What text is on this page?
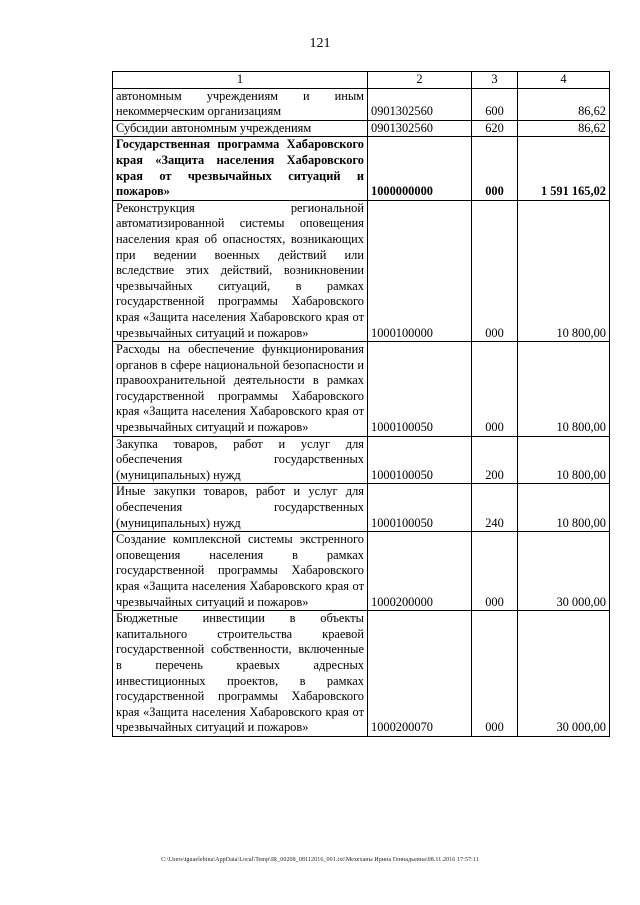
121
1	2	3	4
автономным учреждениям и иным некоммерческим организациям	0901302560	600	86,62
Субсидии автономным учреждениям	0901302560	620	86,62
Государственная программа Хабаровского края «Защита населения Хабаровского края от чрезвычайных ситуаций и пожаров»	1000000000	000	1 591 165,02
Реконструкция региональной автоматизированной системы оповещения населения края об опасностях, возникающих при ведении военных действий или вследствие этих действий, возникновении чрезвычайных ситуаций, в рамках государственной программы Хабаровского края «Защита населения Хабаровского края от чрезвычайных ситуаций и пожаров»	1000100000	000	10 800,00
Расходы на обеспечение функционирования органов в сфере национальной безопасности и правоохранительной деятельности в рамках государственной программы Хабаровского края «Защита населения Хабаровского края от чрезвычайных ситуаций и пожаров»	1000100050	000	10 800,00
Закупка товаров, работ и услуг для обеспечения государственных (муниципальных) нужд	1000100050	200	10 800,00
Иные закупки товаров, работ и услуг для обеспечения государственных (муниципальных) нужд	1000100050	240	10 800,00
Создание комплексной системы экстренного оповещения населения в рамках государственной программы Хабаровского края «Защита населения Хабаровского края от чрезвычайных ситуаций и пожаров»	1000200000	000	30 000,00
Бюджетные инвестиции в объекты капитального строительства краевой государственной собственности, включенные в перечень краевых адресных инвестиционных проектов, в рамках государственной программы Хабаровского края «Защита населения Хабаровского края от чрезвычайных ситуаций и пожаров»	1000200070	000	30 000,00
C:\Users\iguaelebina\AppData\Local\Temp\IR_00208_08112016_001.txt\Мехеханы Ирина Геннадьевна\08.11.2016 17:57:11
